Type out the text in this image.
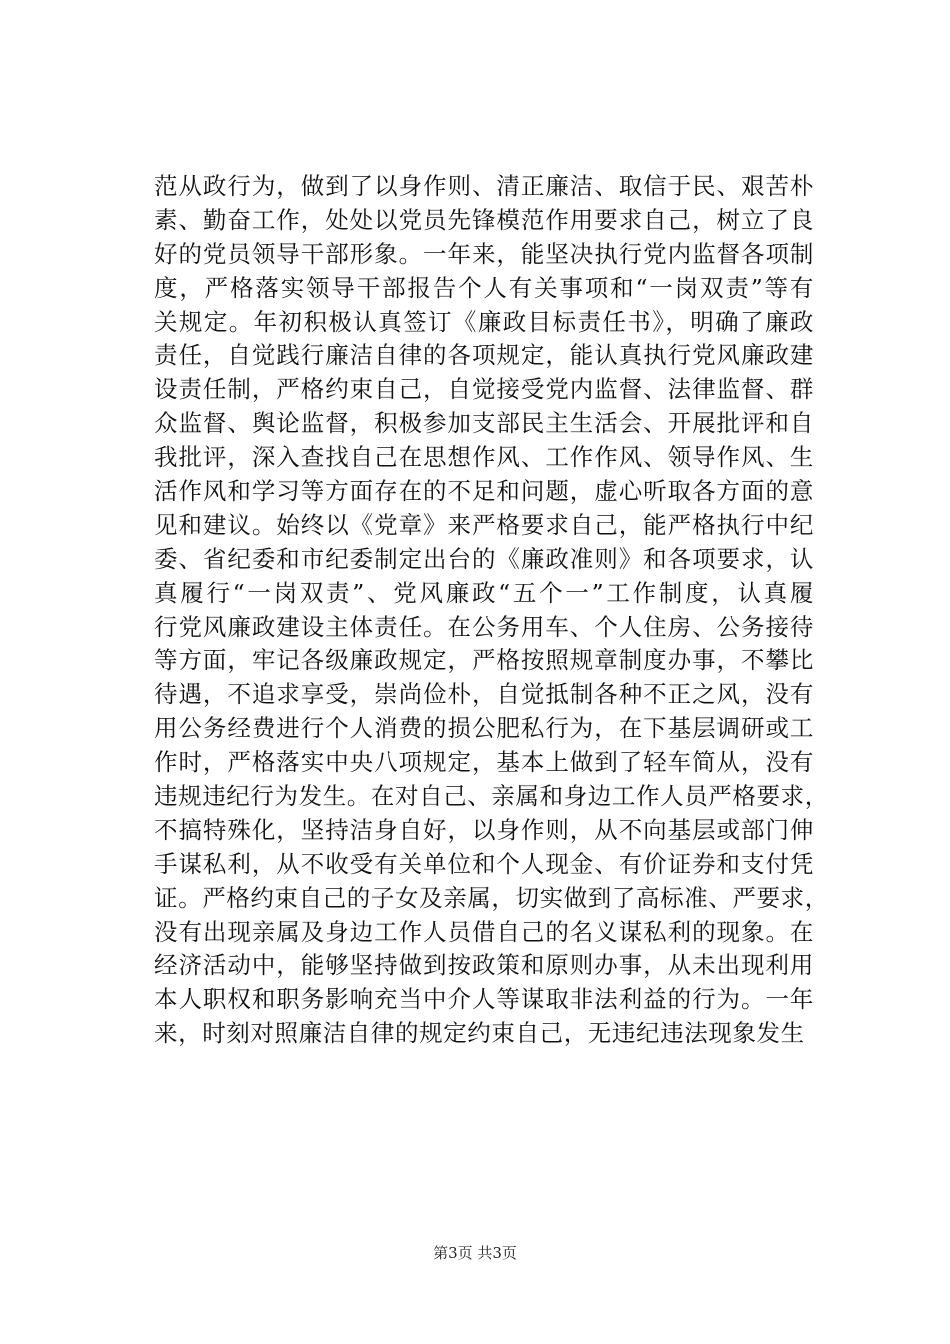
范从政行为，做到了以身作则、清正廉洁、取信于民、艰苦朴
素、勤奋工作，处处以党员先锋模范作用要求自己，树立了良
好的党员领导干部形象。一年来，能坚决执行党内监督各项制
度，严格落实领导干部报告个人有关事项和“一岗双责”等有
关规定。年初积极认真签订《廉政目标责任书》，明确了廉政
责任，自觉践行廉洁自律的各项规定，能认真执行党风廉政建
设责任制，严格约束自己，自觉接受党内监督、法律监督、群
众监督、舆论监督，积极参加支部民主生活会、开展批评和自
我批评，深入查找自己在思想作风、工作作风、领导作风、生
活作风和学习等方面存在的不足和问题，虚心听取各方面的意
见和建议。始终以《党章》来严格要求自己，能严格执行中纪
委、省纪委和市纪委制定出台的《廉政准则》和各项要求，认
真履行“一岗双责”、党风廉政“五个一”工作制度，认真履
行党风廉政建设主体责任。在公务用车、个人住房、公务接待
等方面，牢记各级廉政规定，严格按照规章制度办事，不攀比
待遇，不追求享受，崇尚俭朴，自觉抵制各种不正之风，没有
用公务经费进行个人消费的损公肥私行为，在下基层调研或工
作时，严格落实中央八项规定，基本上做到了轻车简从，没有
违规违纪行为发生。在对自己、亲属和身边工作人员严格要求，
不搞特殊化，坚持洁身自好，以身作则，从不向基层或部门伸
手谋私利，从不收受有关单位和个人现金、有价证券和支付凭
证。严格约束自己的子女及亲属，切实做到了高标准、严要求，
没有出现亲属及身边工作人员借自己的名义谋私利的现象。在
经济活动中，能够坚持做到按政策和原则办事，从未出现利用
本人职权和职务影响充当中介人等谋取非法利益的行为。一年
来，时刻对照廉洁自律的规定约束自己，无违纪违法现象发生
第3页 共3页
